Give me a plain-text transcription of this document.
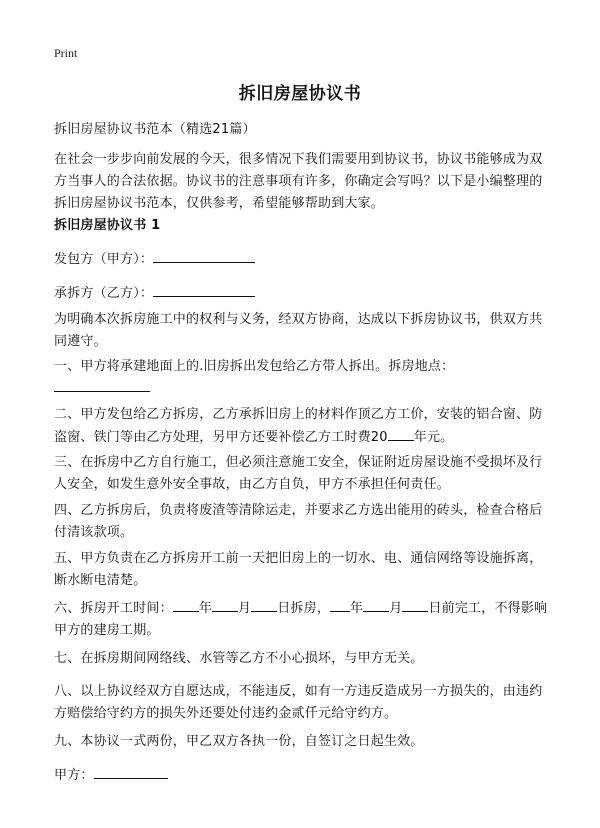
Print
拆旧房屋协议书

拆旧房屋协议书范本（精选21篇）

在社会一步步向前发展的今天，很多情况下我们需要用到协议书，协议书能够成为双方当事人的合法依据。协议书的注意事项有许多，你确定会写吗？以下是小编整理的拆旧房屋协议书范本，仅供参考，希望能够帮助到大家。

拆旧房屋协议书 1

发包方（甲方）：

承拆方（乙方）：

为明确本次拆房施工中的权利与义务，经双方协商，达成以下拆房协议书，供双方共同遵守。

一、甲方将承建地面上的.旧房拆出发包给乙方带人拆出。拆房地点：

二、甲方发包给乙方拆房，乙方承拆旧房上的材料作顶乙方工价，安装的铝合窗、防盗窗、铁门等由乙方处理，另甲方还要补偿乙方工时费20 年元。

三、在拆房中乙方自行施工，但必须注意施工安全，保证附近房屋设施不受损坏及行人安全，如发生意外安全事故，由乙方自负，甲方不承担任何责任。

四、乙方拆房后，负责将废渣等清除运走，并要求乙方选出能用的砖头，检查合格后付清该款项。

五、甲方负责在乙方拆房开工前一天把旧房上的一切水、电、通信网络等设施拆离，断水断电清楚。

六、拆房开工时间： 年 月 日拆房， 年 月 日前完工，不得影响甲方的建房工期。

七、在拆房期间网络线、水管等乙方不小心损坏，与甲方无关。

八、以上协议经双方自愿达成，不能违反，如有一方违反造成另一方损失的，由违约方赔偿给守约方的损失外还要处付违约金贰仟元给守约方。

九、本协议一式两份，甲乙双方各执一份，自签订之日起生效。

甲方：
